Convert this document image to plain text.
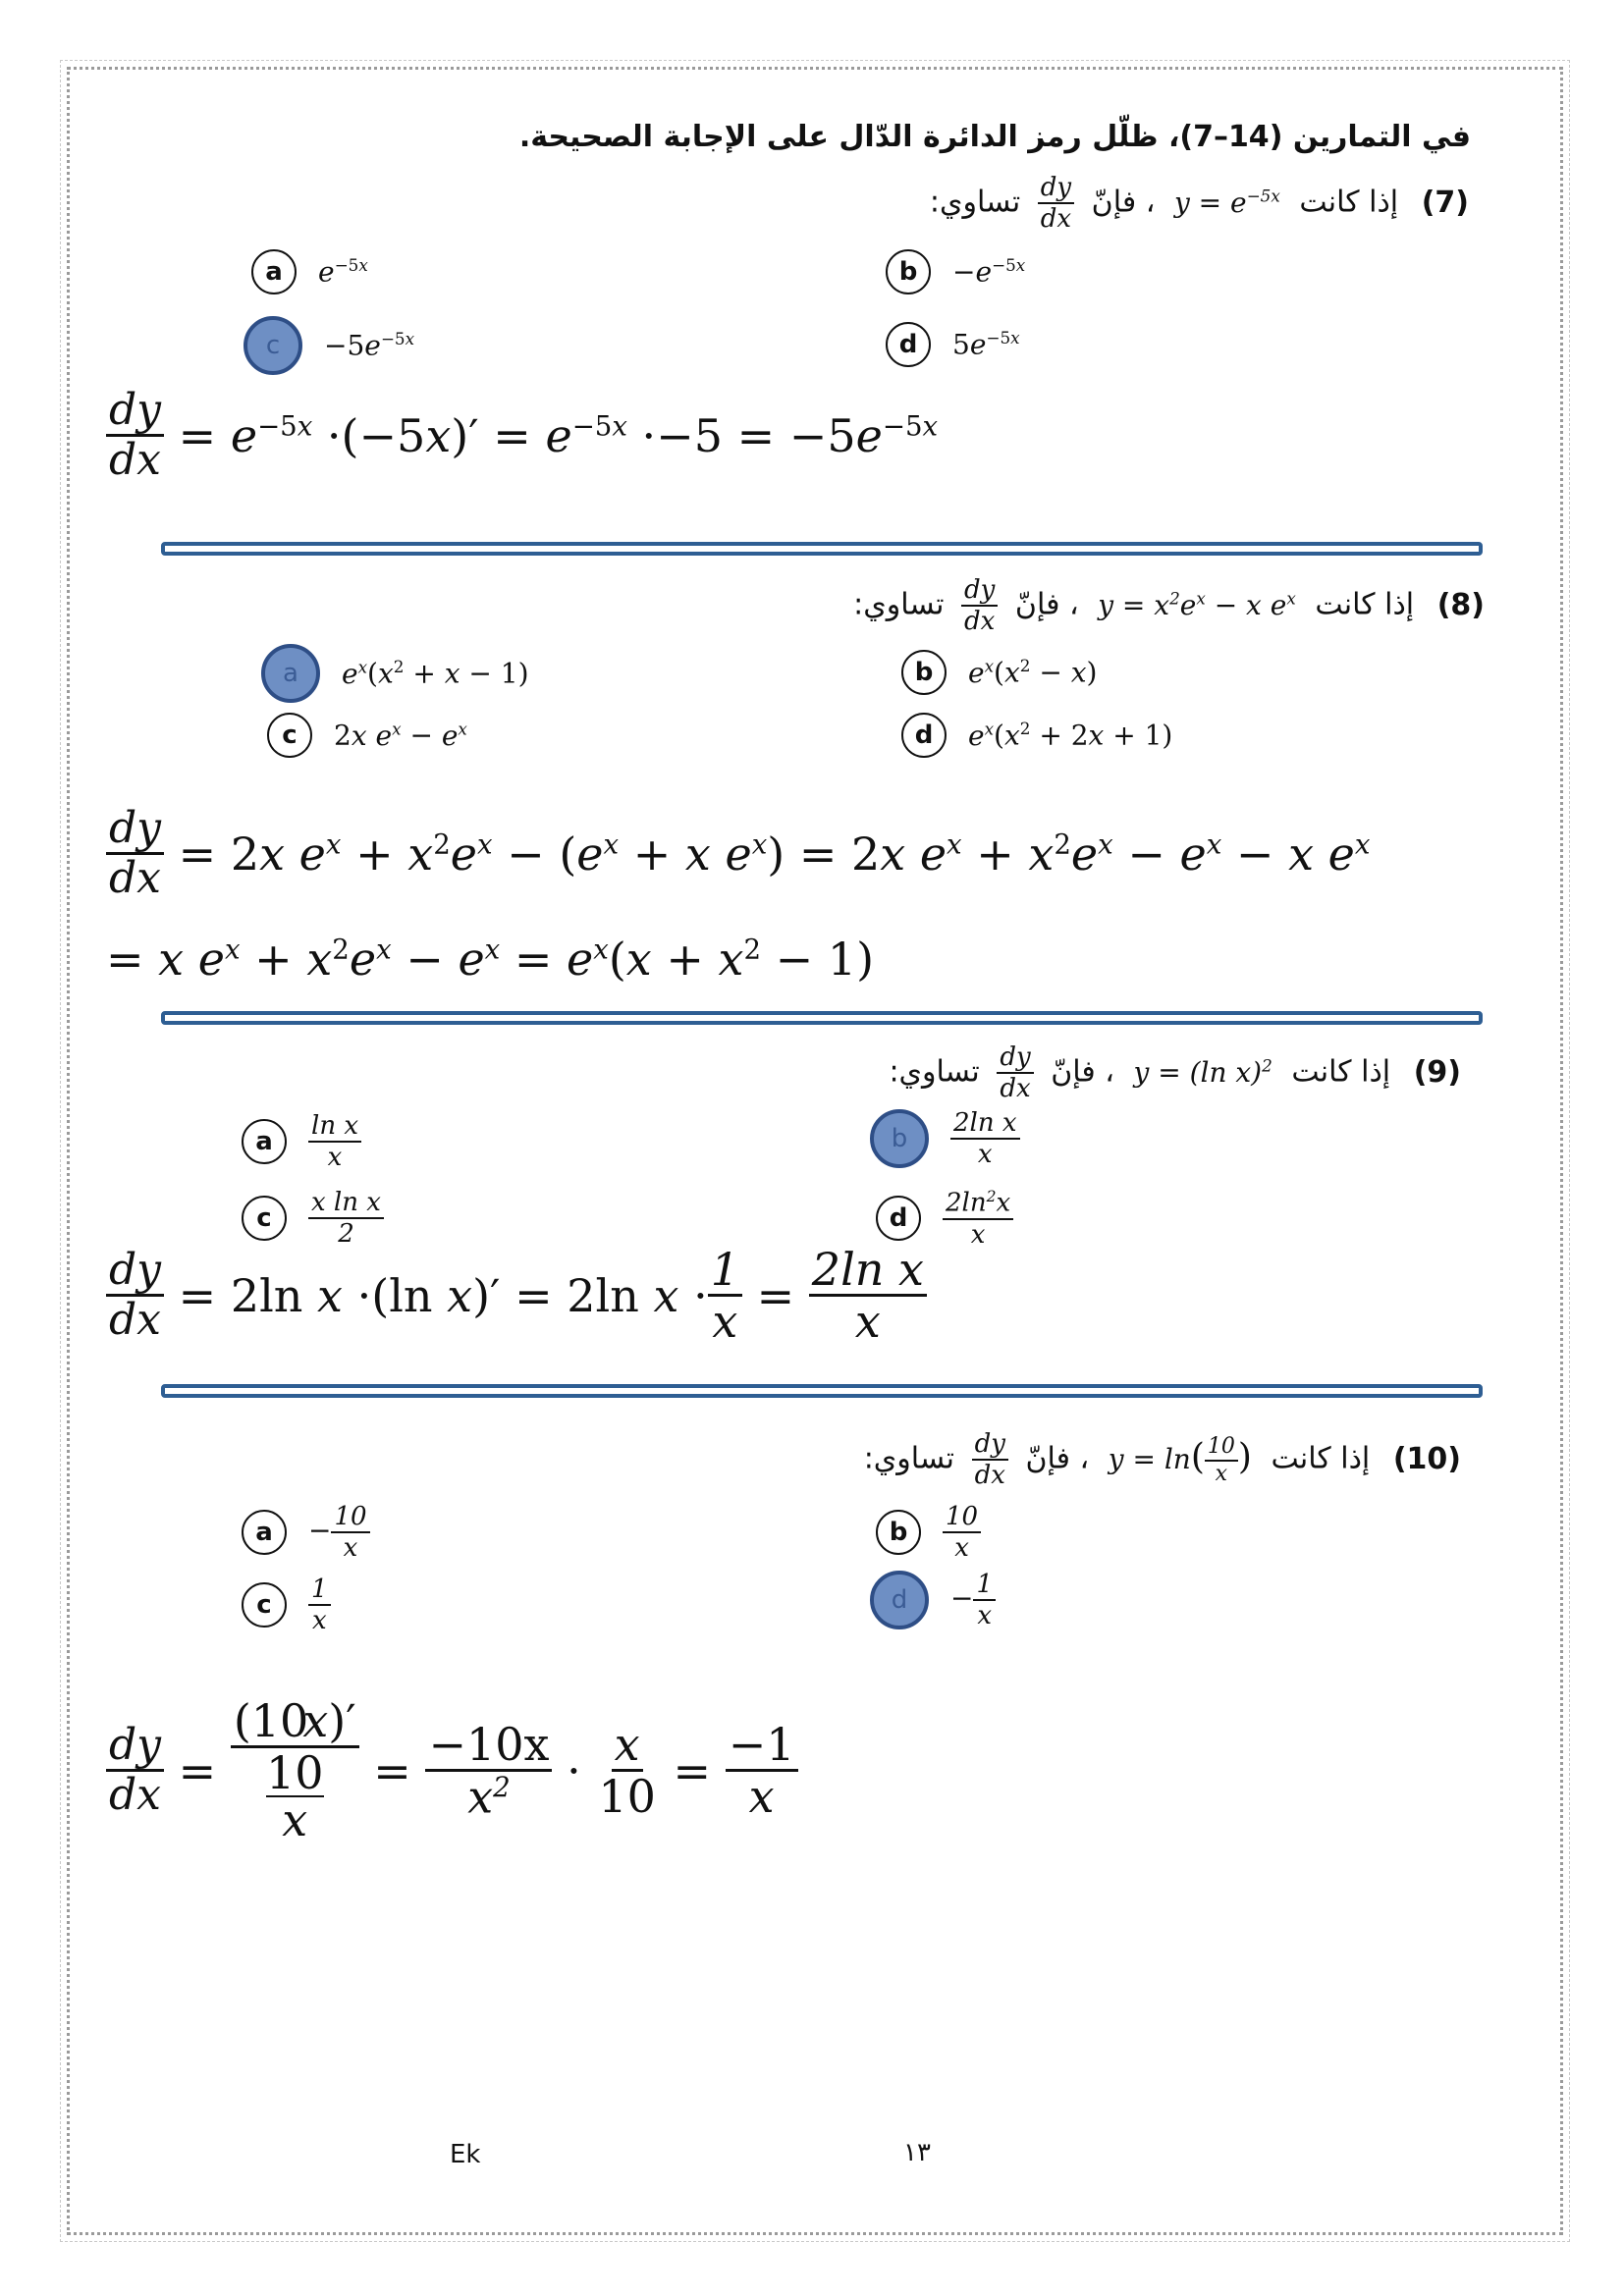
في التمارين (14–7)، ظلّل رمز الدائرة الدّال على الإجابة الصحيحة.
(7) إذا كانت $y = e^{-5x}$ ، فإنّ
$\frac{dy}{dx}$
تساوي:
a	$e^{-5x}$	b	$-e^{-5x}$
c	$-5e^{-5x}$	d	$5e^{-5x}$
$\frac{dy}{dx} = e^{-5x} \cdot(-5x)' = e^{-5x} \cdot-5 = -5e^{-5x}$
(8) إذا كانت $y = x^2e^x - x$ $e^x$ ، فإنّ
$\frac{dy}{dx}$
تساوي:
a	$e^x(x^2 + x - 1)$	b	$e^x(x^2 - x)$
c	2x $e^x - e^x$	d	$e^x(x^2 + 2x + 1)$
$\frac{dy}{dx} = 2x$ $e^x + x^2e^x - (e^x + x$ $e^x) = 2x$ $e^x + x^2e^x - e^x - x$ $e^x$
= x $e^x + x^2e^x - e^x = e^x(x + x^2 - 1)$
(9) إذا كانت y = (ln x)$^2$ ، فإنّ
$\frac{dy}{dx}$
تساوي:
a	$\frac{\text{ln x}}{x}$	b	$\frac{\text{2ln x}}{x}$
c	$\frac{\text{x ln x}}{2}$	d	$\frac{2\ln^2x}{x}$
$\frac{dy}{dx} = 2\ln$ x ·(ln x)′ = 2ln $x \cdot \frac{1}{x} = \frac{\text{2ln x}}{x}$
(10) إذا كانت $y = \ln( \frac{10}{x}$ ) ، فإنّ
$\frac{dy}{dx}$
تساوي:
a	− $\frac{10}{x}$	b	$\frac{10}{x}$
c	$\frac{1}{x}$	d	− $\frac{1}{x}$
$\frac{dy}{dx} = (10$
x )′
10
$x = \frac{-10x}{x^2} \cdot \frac{x}{10} = \frac{-1}{x}$
Ek	١٣
